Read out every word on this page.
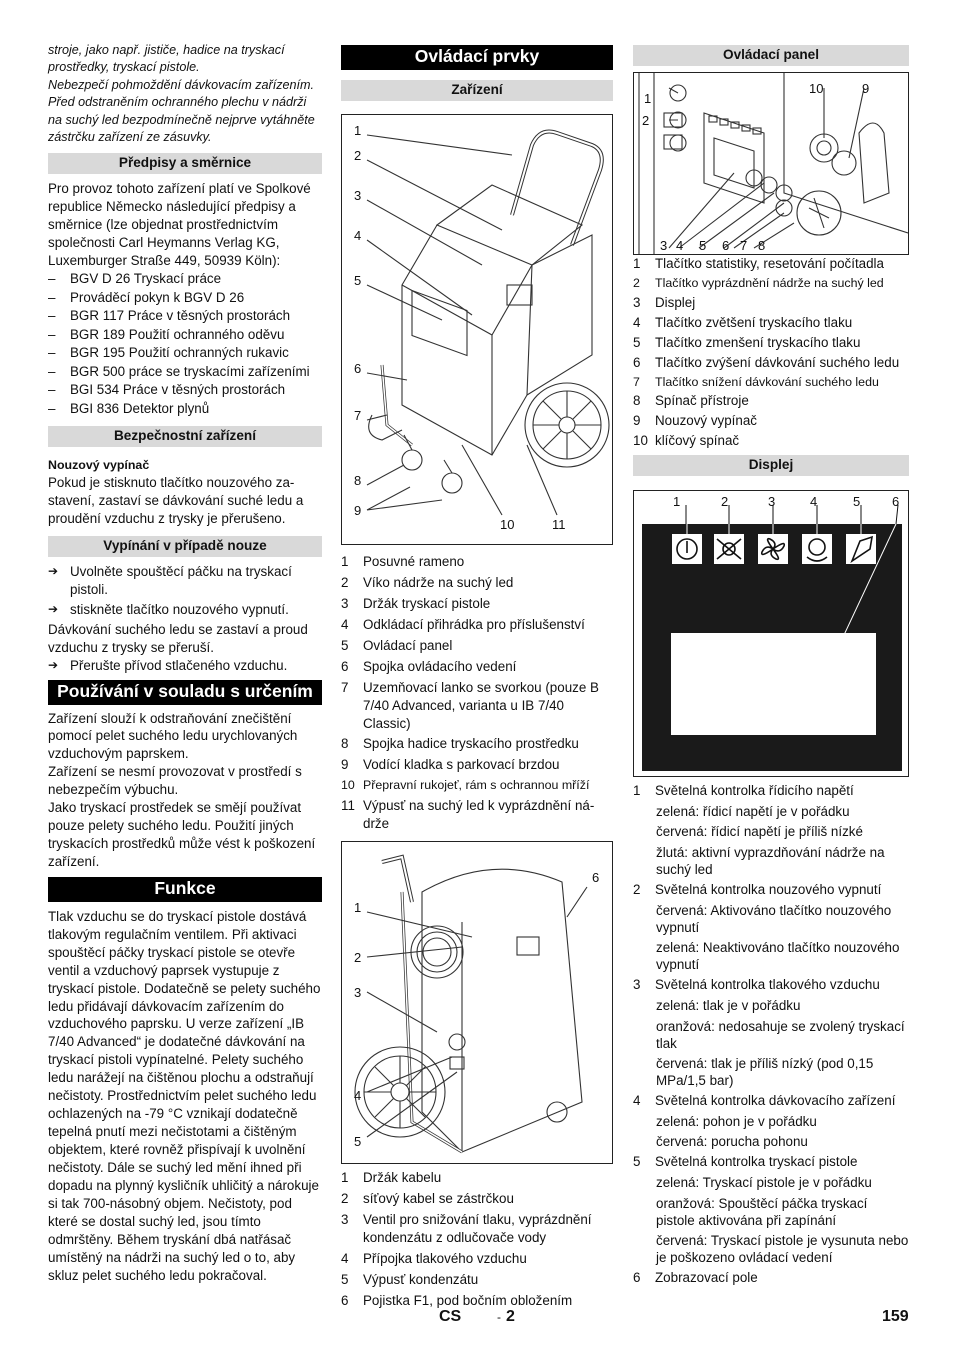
stroje, jako např. jističe, hadice na tryskací prostředky, tryskací pistole.

Nebezpečí pohmoždění dávkovacím zařízením. Před odstraněním ochranného plechu v nádrži na suchý led bezpodmínečně nejprve vytáhněte zástrčku zařízení ze zásuvky.

Předpisy a směrnice

Pro provoz tohoto zařízení platí ve Spolkové republice Německo následující předpisy a směrnice (lze objednat prostřednictvím společnosti Carl Heymanns Verlag KG, Luxemburger Straße 449, 50939 Köln):

– BGV D 26 Tryskací práce

– Prováděcí pokyn k BGV D 26

– BGR 117 Práce v těsných prostorách

– BGR 189 Použití ochranného oděvu

– BGR 195 Použití ochranných rukavic

– BGR 500 práce se tryskacími zařízeními

– BGI 534 Práce v těsných prostorách

– BGI 836 Detektor plynů

Bezpečnostní zařízení

Nouzový vypínač

Pokud je stisknuto tlačítko nouzového zastavení, zastaví se dávkování suché ledu a proudění vzduchu z trysky je přerušeno.

Vypínání v případě nouze

➔ Uvolněte spouštěcí páčku na tryskací pistoli.

➔ stiskněte tlačítko nouzového vypnutí.

Dávkování suchého ledu se zastaví a proud vzduchu z trysky se přeruší.

➔ Přerušte přívod stlačeného vzduchu.

Používání v souladu s určením

Zařízení slouží k odstraňování znečištění pomocí pelet suchého ledu urychlovaných vzduchovým paprskem.

Zařízení se nesmí provozovat v prostředí s nebezpečím výbuchu.

Jako tryskací prostředek se smějí používat pouze pelety suchého ledu. Použití jiných tryskacích prostředků může vést k poškození zařízení.

Funkce

Tlak vzduchu se do tryskací pistole dostává tlakovým regulačním ventilem. Při aktivaci spouštěcí páčky tryskací pistole se otevře ventil a vzduchový paprsek vystupuje z tryskací pistole. Dodatečně se pelety suchého ledu přidávají dávkovacím zařízením do vzduchového paprsku. U verze zařízení „IB 7/40 Advanced“ je dodatečné dávkování na tryskací pistoli vypínatelné. Pelety suchého ledu narážejí na čištěnou plochu a odstraňují nečistoty. Prostřednictvím pelet suchého ledu ochlazených na -79 °C vznikají dodatečně tepelná pnutí mezi nečistotami a čištěným objektem, které rovněž přispívají k uvolnění nečistoty. Dále se suchý led mění ihned při dopadu na plynný kysličník uhličitý a nárokuje si tak 700-násobný objem. Nečistoty, pod které se dostal suchý led, jsou tímto odmrštěny. Během tryskání dbá natřásač umístěný na nádrži na suchý led o to, aby skluz pelet suchého ledu pokračoval.

Ovládací prvky
Zařízení
1
2
3
4
5
6
7
8
9
10	11
1	Posuvné rameno
2	Víko nádrže na suchý led
3	Držák tryskací pistole
4	Odkládací přihrádka pro příslušenství
5	Ovládací panel
6	Spojka ovládacího vedení
7	Uzemňovací lanko se svorkou (pouze B 7/40 Advanced, varianta u IB 7/40 Classic)
8	Spojka hadice tryskacího prostředku
9	Vodící kladka s parkovací brzdou
10 Přepravní rukojeť, rám s ochrannou mříží
11 Výpusť na suchý led k vyprázdnění nádrže
1
2
3
4
5
6
1	Držák kabelu
2	síťový kabel se zástrčkou
3	Ventil pro snižování tlaku, vyprázdnění kondenzátu z odlučovače vody
4	Přípojka tlakového vzduchu
5	Výpusť kondenzátu
6	Pojistka F1, pod bočním obložením
Ovládací panel
1
2
10	9
3 4 5 6 7 8
1	Tlačítko statistiky, resetování počítadla
2	Tlačítko vyprázdnění nádrže na suchý led
3	Displej
4	Tlačítko zvětšení tryskacího tlaku
5	Tlačítko zmenšení tryskacího tlaku
6	Tlačítko zvýšení dávkování suchého ledu
7	Tlačítko snížení dávkování suchého ledu
8	Spínač přístroje
9	Nouzový vypínač
10 klíčový spínač
Displej
1	2	3	4	5 6
1	Světelná kontrolka řídicího napětí

zelená: řídicí napětí je v pořádku

červená: řídicí napětí je příliš nízké

žlutá: aktivní vyprazdňování nádrže na suchý led

2	Světelná kontrolka nouzového vypnutí

červená: Aktivováno tlačítko nouzového vypnutí

zelená: Neaktivováno tlačítko nouzového vypnutí

3	Světelná kontrolka tlakového vzduchu

zelená: tlak je v pořádku

oranžová: nedosahuje se zvolený tryskací tlak

červená: tlak je příliš nízký (pod 0,15 MPa/1,5 bar)

4	Světelná kontrolka dávkovacího zařízení

zelená: pohon je v pořádku

červená: porucha pohonu

5	Světelná kontrolka tryskací pistole

zelená: Tryskací pistole je v pořádku

oranžová: Spouštěcí páčka tryskací pistole aktivována při zapínání

červená: Tryskací pistole je vysunuta nebo je poškozeno ovládací vedení

6	Zobrazovací pole
CS	- 2	159
